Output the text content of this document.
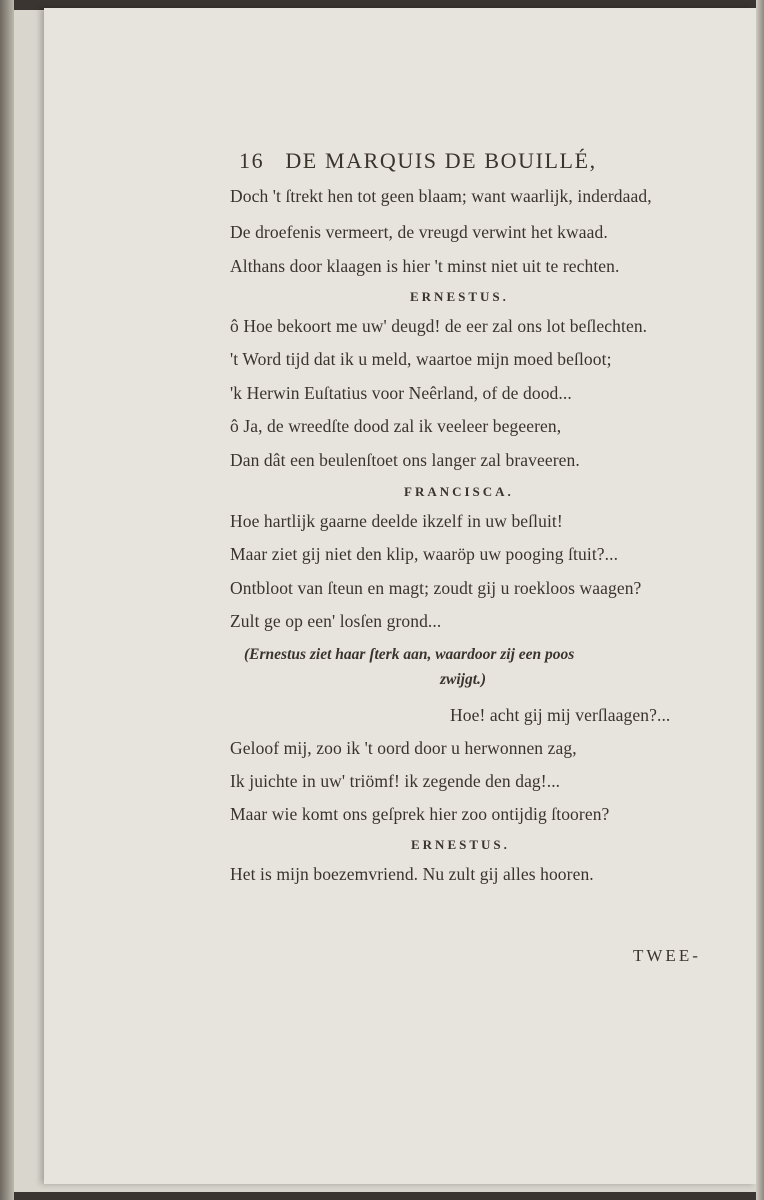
16 DE MARQUIS DE BOUILLÉ,
Doch 't ſtrekt hen tot geen blaam; want waarlijk, inderdaad,
De droefenis vermeert, de vreugd verwint het kwaad.
Althans door klaagen is hier 't minst niet uit te rechten.
ERNESTUS.
ô Hoe bekoort me uw' deugd! de eer zal ons lot beſlechten.
't Word tijd dat ik u meld, waartoe mijn moed beſloot;
'k Herwin Euſtatius voor Neêrland, of de dood...
ô Ja, de wreedſte dood zal ik veeleer begeeren,
Dan dât een beulenſtoet ons langer zal braveeren.
FRANCISCA.
Hoe hartlijk gaarne deelde ikzelf in uw beſluit!
Maar ziet gij niet den klip, waaröp uw pooging ſtuit?...
Ontbloot van ſteun en magt; zoudt gij u roekloos waagen?
Zult ge op een' losſen grond...
(Ernestus ziet haar ſterk aan, waardoor zij een poos
zwijgt.)
Hoe! acht gij mij verſlaagen?...
Geloof mij, zoo ik 't oord door u herwonnen zag,
Ik juichte in uw' triömf! ik zegende den dag!...
Maar wie komt ons geſprek hier zoo ontijdig ſtooren?
ERNESTUS.
Het is mijn boezemvriend. Nu zult gij alles hooren.
TWEE-
